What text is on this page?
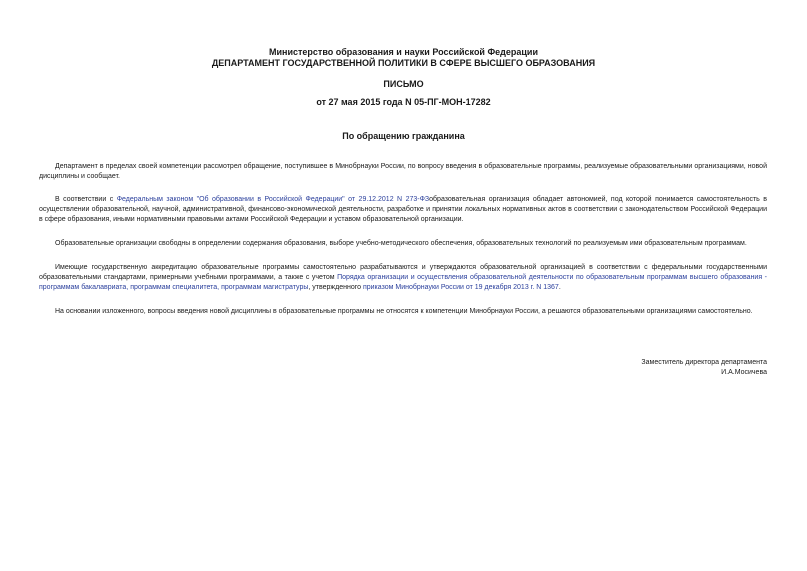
Министерство образования и науки Российской Федерации
ДЕПАРТАМЕНТ ГОСУДАРСТВЕННОЙ ПОЛИТИКИ В СФЕРЕ ВЫСШЕГО ОБРАЗОВАНИЯ
ПИСЬМО
от 27 мая 2015 года N 05-ПГ-МОН-17282
По обращению гражданина

Департамент в пределах своей компетенции рассмотрел обращение, поступившее в Минобрнауки России, по вопросу введения в образовательные программы, реализуемые образовательными организациями, новой дисциплины и сообщает.

В соответствии с Федеральным законом "Об образовании в Российской Федерации" от 29.12.2012 N 273-ФЗобразовательная организация обладает автономией, под которой понимается самостоятельность в осуществлении образовательной, научной, административной, финансово-экономической деятельности, разработке и принятии локальных нормативных актов в соответствии с законодательством Российской Федерации в сфере образования, иными нормативными правовыми актами Российской Федерации и уставом образовательной организации.

Образовательные организации свободны в определении содержания образования, выборе учебно-методического обеспечения, образовательных технологий по реализуемым ими образовательным программам.

Имеющие государственную аккредитацию образовательные программы самостоятельно разрабатываются и утверждаются образовательной организацией в соответствии с федеральными государственными образовательными стандартами, примерными учебными программами, а также с учетом Порядка организации и осуществления образовательной деятельности по образовательным программам высшего образования - программам бакалавриата, программам специалитета, программам магистратуры, утвержденного приказом Минобрнауки России от 19 декабря 2013 г. N 1367.

На основании изложенного, вопросы введения новой дисциплины в образовательные программы не относятся к компетенции Минобрнауки России, а решаются образовательными организациями самостоятельно.

Заместитель директора департамента
И.А.Мосичева
